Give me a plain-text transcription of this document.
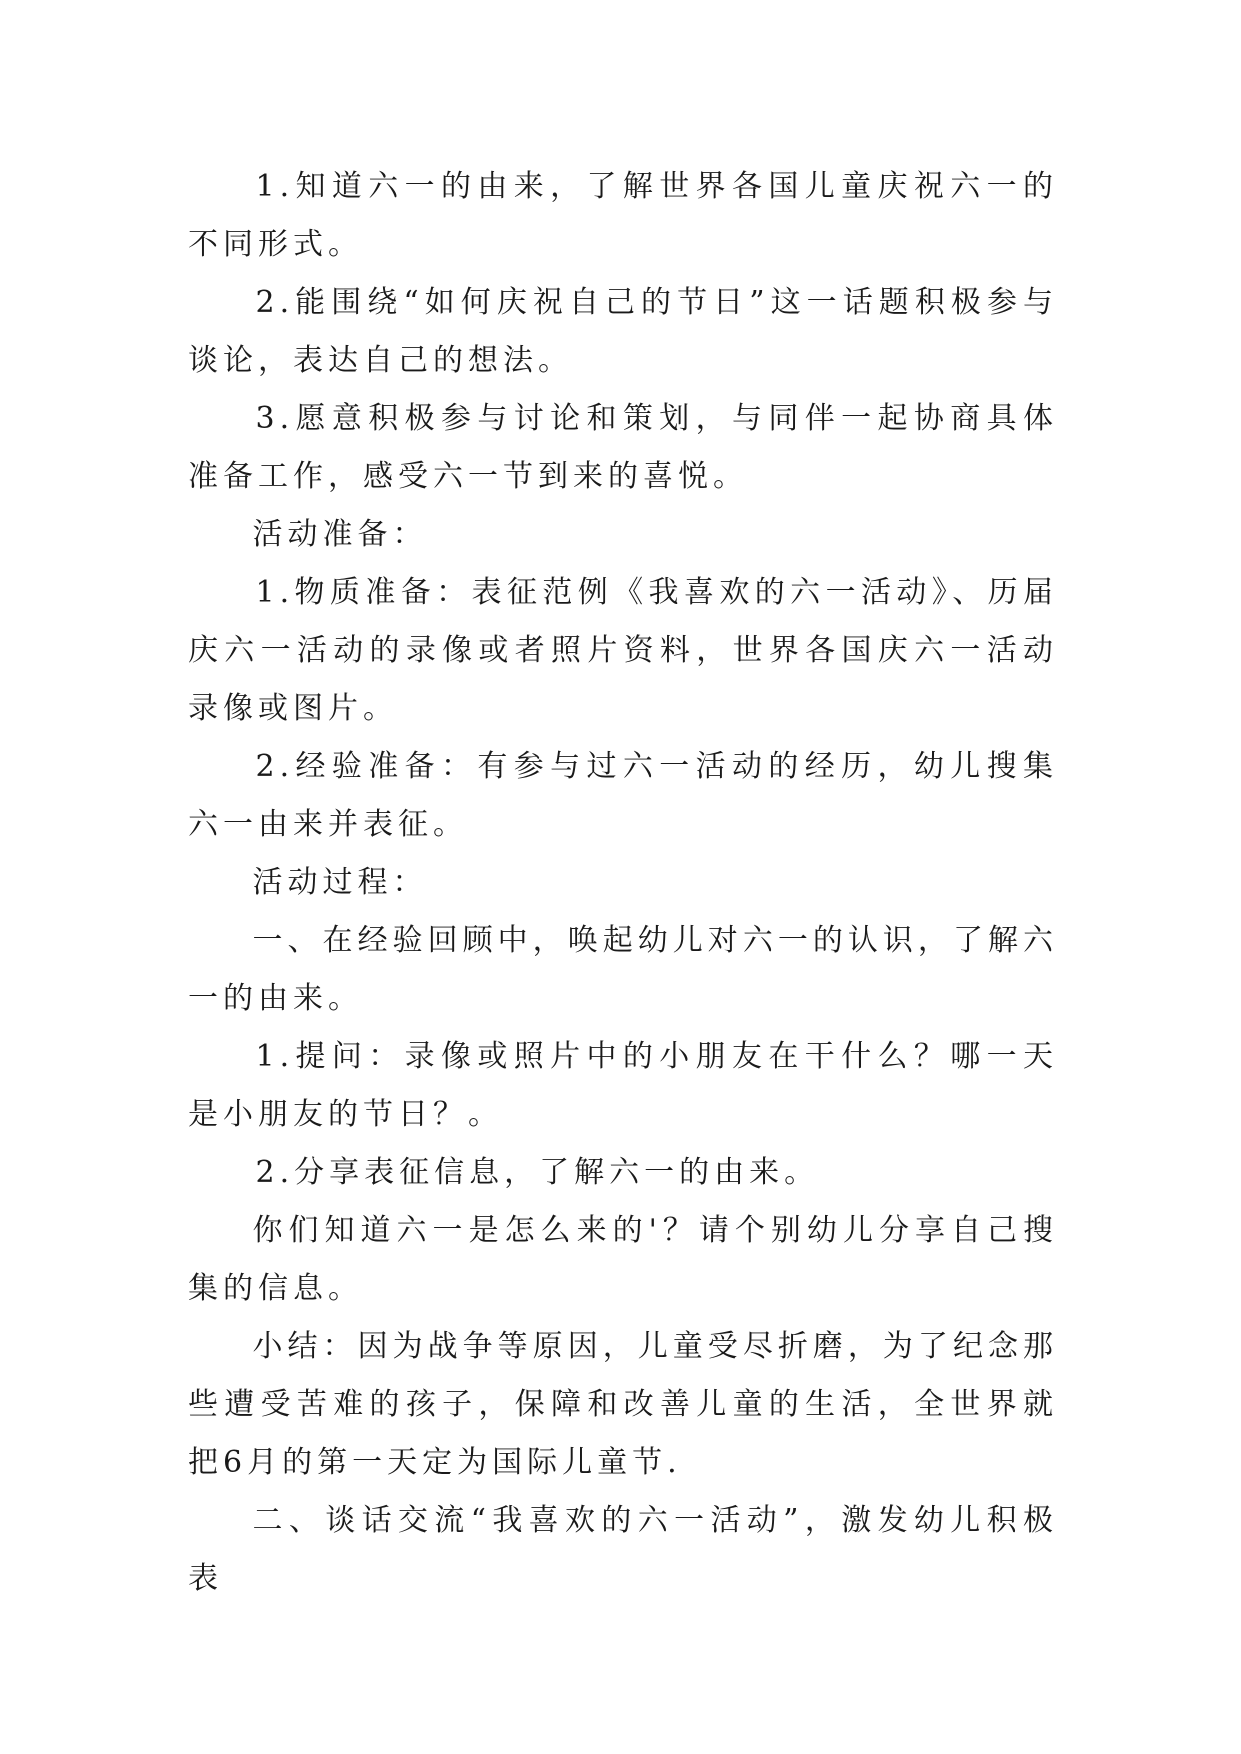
1.知道六一的由来，了解世界各国儿童庆祝六一的不同形式。

2.能围绕“如何庆祝自己的节日”这一话题积极参与谈论，表达自己的想法。

3.愿意积极参与讨论和策划，与同伴一起协商具体准备工作，感受六一节到来的喜悦。

活动准备：

1.物质准备：表征范例《我喜欢的六一活动》、历届庆六一活动的录像或者照片资料，世界各国庆六一活动录像或图片。

2.经验准备：有参与过六一活动的经历，幼儿搜集六一由来并表征。

活动过程：

一、在经验回顾中，唤起幼儿对六一的认识，了解六一的由来。

1.提问：录像或照片中的小朋友在干什么？哪一天是小朋友的节日？。

2.分享表征信息，了解六一的由来。

你们知道六一是怎么来的'？请个别幼儿分享自己搜集的信息。

小结：因为战争等原因，儿童受尽折磨，为了纪念那些遭受苦难的孩子，保障和改善儿童的生活，全世界就把6月的第一天定为国际儿童节.

二、谈话交流“我喜欢的六一活动”，激发幼儿积极表
